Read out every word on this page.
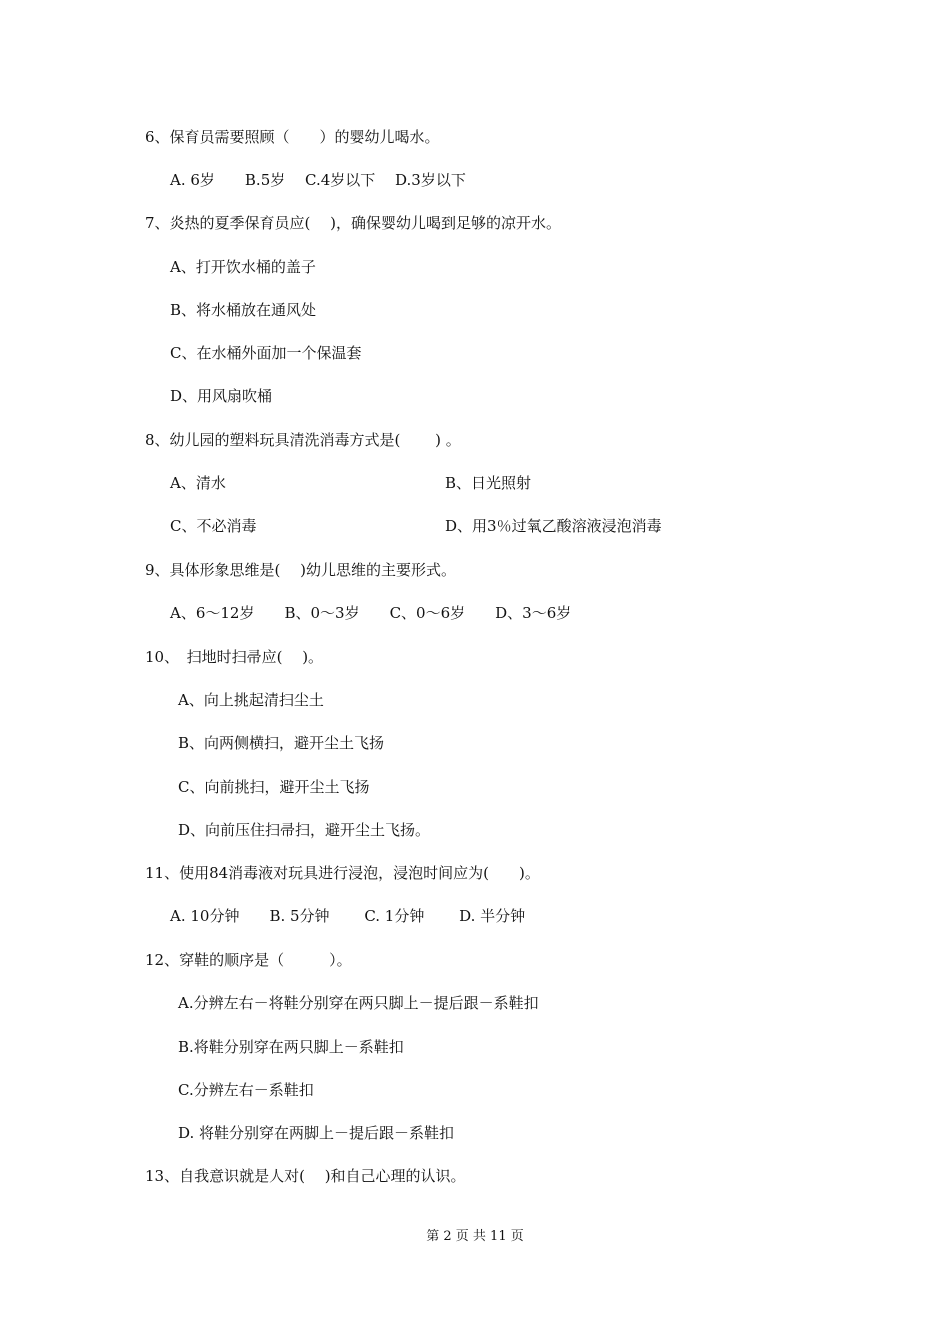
6、保育员需要照顾（　　）的婴幼儿喝水。
A. 6岁　　B.5岁　 C.4岁以下　 D.3岁以下
7、炎热的夏季保育员应(　 )，确保婴幼儿喝到足够的凉开水。
A、打开饮水桶的盖子
B、将水桶放在通风处
C、在水桶外面加一个保温套
D、用风扇吹桶
8、幼儿园的塑料玩具清洗消毒方式是(　　 ) 。
A、清水	B、日光照射
C、不必消毒	D、用3％过氧乙酸溶液浸泡消毒
9、具体形象思维是(　 )幼儿思维的主要形式。
A、6～12岁　　B、0～3岁　　C、0～6岁　　D、3～6岁
10、　扫地时扫帚应(　 )。
A、向上挑起清扫尘土
B、向两侧横扫，避开尘土飞扬
C、向前挑扫，避开尘土飞扬
D、向前压住扫帚扫，避开尘土飞扬。
11、使用84消毒液对玩具进行浸泡，浸泡时间应为(　　)。
A. 10分钟　　B. 5分钟　　 C. 1分钟　　 D. 半分钟
12、穿鞋的顺序是（　　　）。
A.分辨左右－将鞋分别穿在两只脚上－提后跟－系鞋扣
B.将鞋分别穿在两只脚上－系鞋扣
C.分辨左右－系鞋扣
D. 将鞋分别穿在两脚上－提后跟－系鞋扣
13、自我意识就是人对(　 )和自己心理的认识。
第 2 页 共 11 页
